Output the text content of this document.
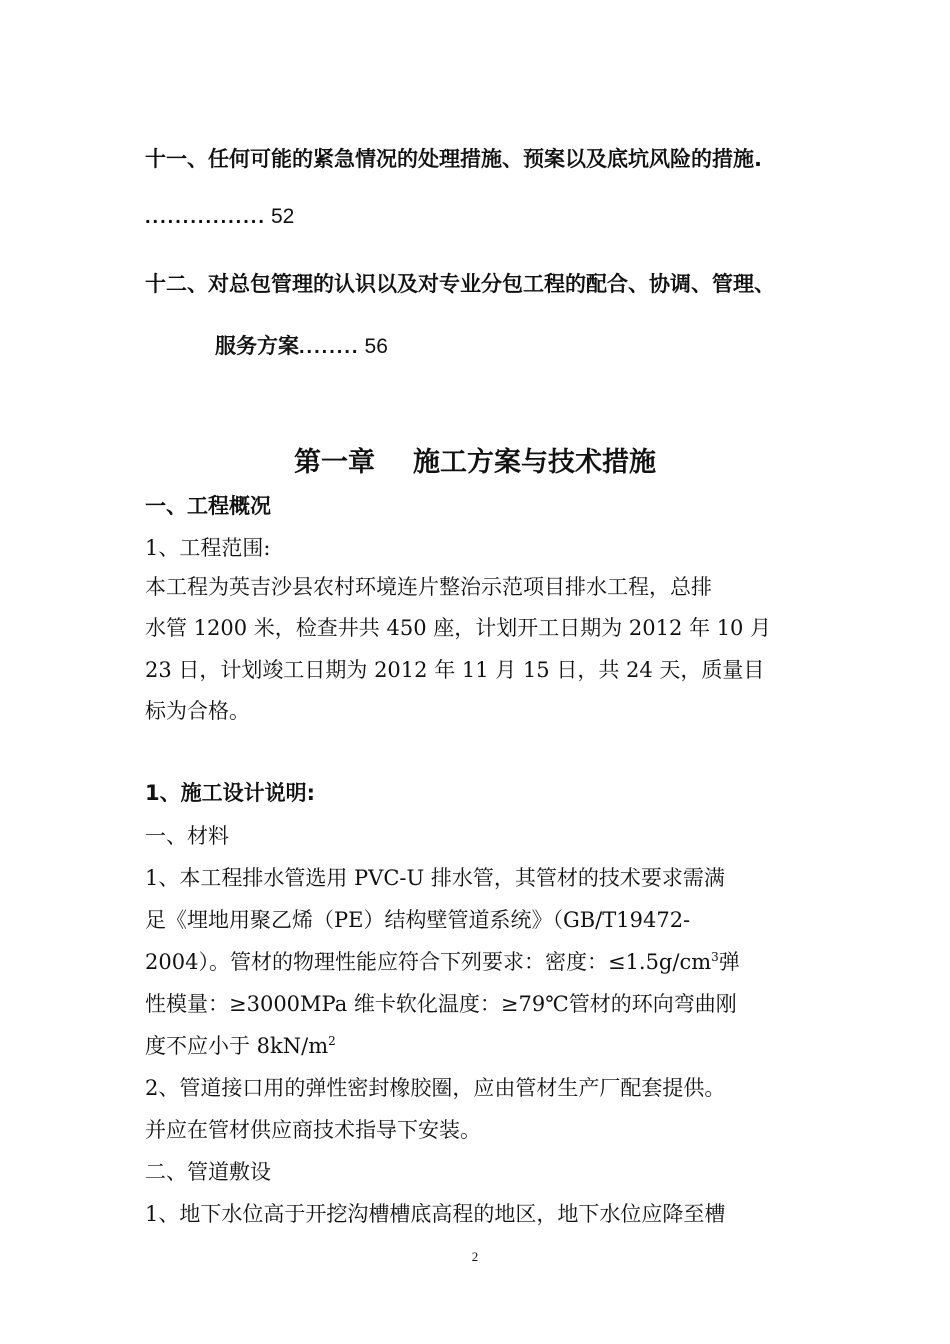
十一、任何可能的紧急情况的处理措施、预案以及底坑风险的措施.
................ 52
十二、对总包管理的认识以及对专业分包工程的配合、协调、管理、
服务方案........ 56
第一章 施工方案与技术措施
一、工程概况
1、工程范围:
本工程为英吉沙县农村环境连片整治示范项目排水工程，总排
水管 1200 米，检查井共 450 座，计划开工日期为 2012 年 10 月
23 日，计划竣工日期为 2012 年 11 月 15 日，共 24 天，质量目
标为合格。
1、施工设计说明:
一、材料
1、本工程排水管选用 PVC-U 排水管，其管材的技术要求需满
足《埋地用聚乙烯（PE）结构壁管道系统》（GB/T19472-
2004）。管材的物理性能应符合下列要求：密度：$\le 1.5g/cm^3$弹
性模量：≥3000MPa 维卡软化温度：≥79℃管材的环向弯曲刚
度不应小于 $8kN/m^2$
2、管道接口用的弹性密封橡胶圈，应由管材生产厂配套提供。
并应在管材供应商技术指导下安装。
二、管道敷设
1、地下水位高于开挖沟槽槽底高程的地区，地下水位应降至槽
2
